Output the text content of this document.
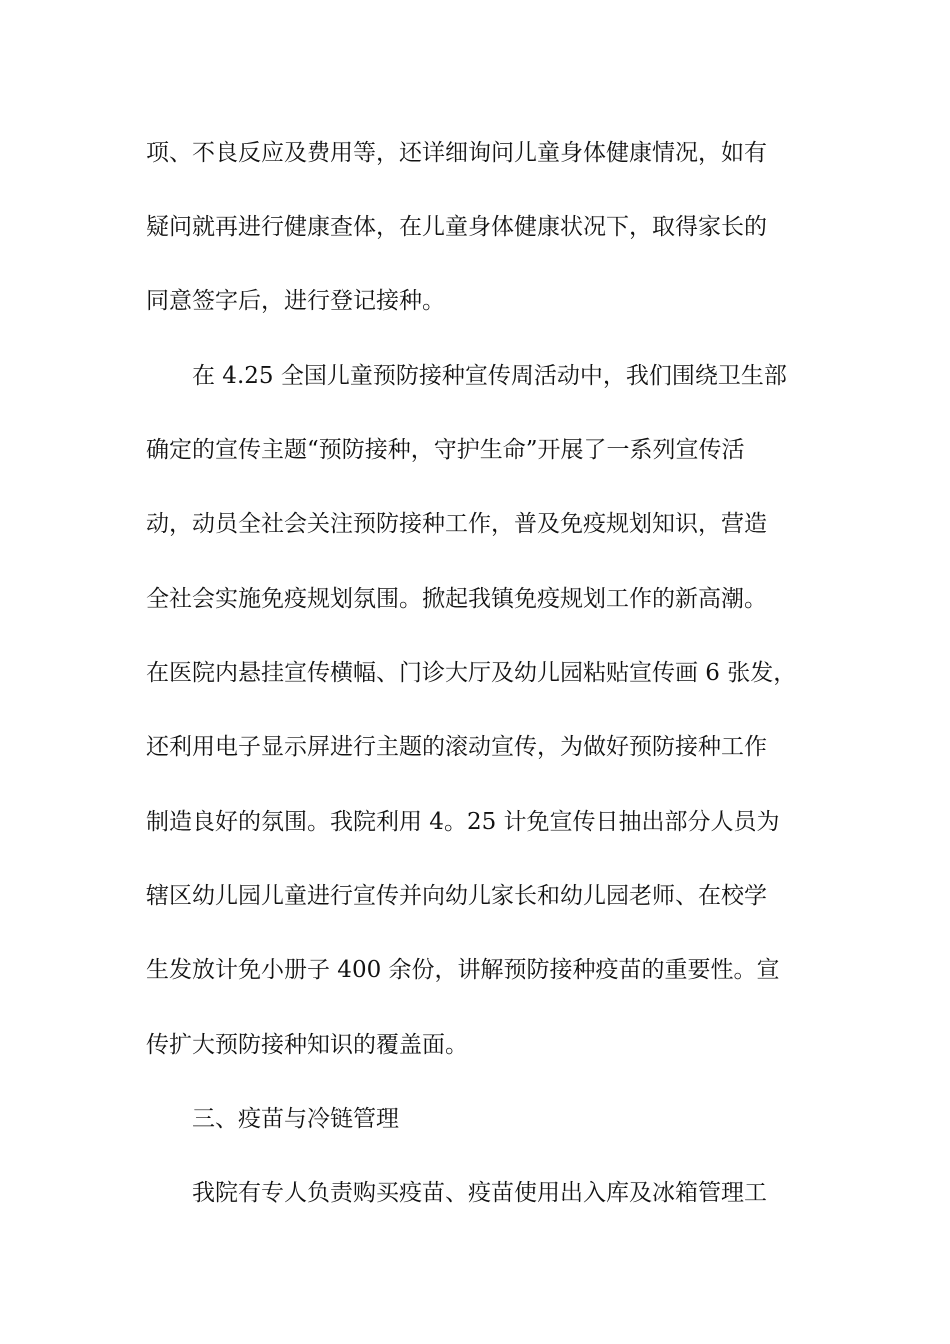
项、不良反应及费用等，还详细询问儿童身体健康情况，如有

疑问就再进行健康查体，在儿童身体健康状况下，取得家长的

同意签字后，进行登记接种。

在 4.25 全国儿童预防接种宣传周活动中，我们围绕卫生部

确定的宣传主题“预防接种，守护生命”开展了一系列宣传活

动，动员全社会关注预防接种工作，普及免疫规划知识，营造

全社会实施免疫规划氛围。掀起我镇免疫规划工作的新高潮。

在医院内悬挂宣传横幅、门诊大厅及幼儿园粘贴宣传画 6 张发，

还利用电子显示屏进行主题的滚动宣传，为做好预防接种工作

制造良好的氛围。我院利用 4。25 计免宣传日抽出部分人员为

辖区幼儿园儿童进行宣传并向幼儿家长和幼儿园老师、在校学

生发放计免小册子 400 余份，讲解预防接种疫苗的重要性。宣

传扩大预防接种知识的覆盖面。

三、疫苗与冷链管理

我院有专人负责购买疫苗、疫苗使用出入库及冰箱管理工
